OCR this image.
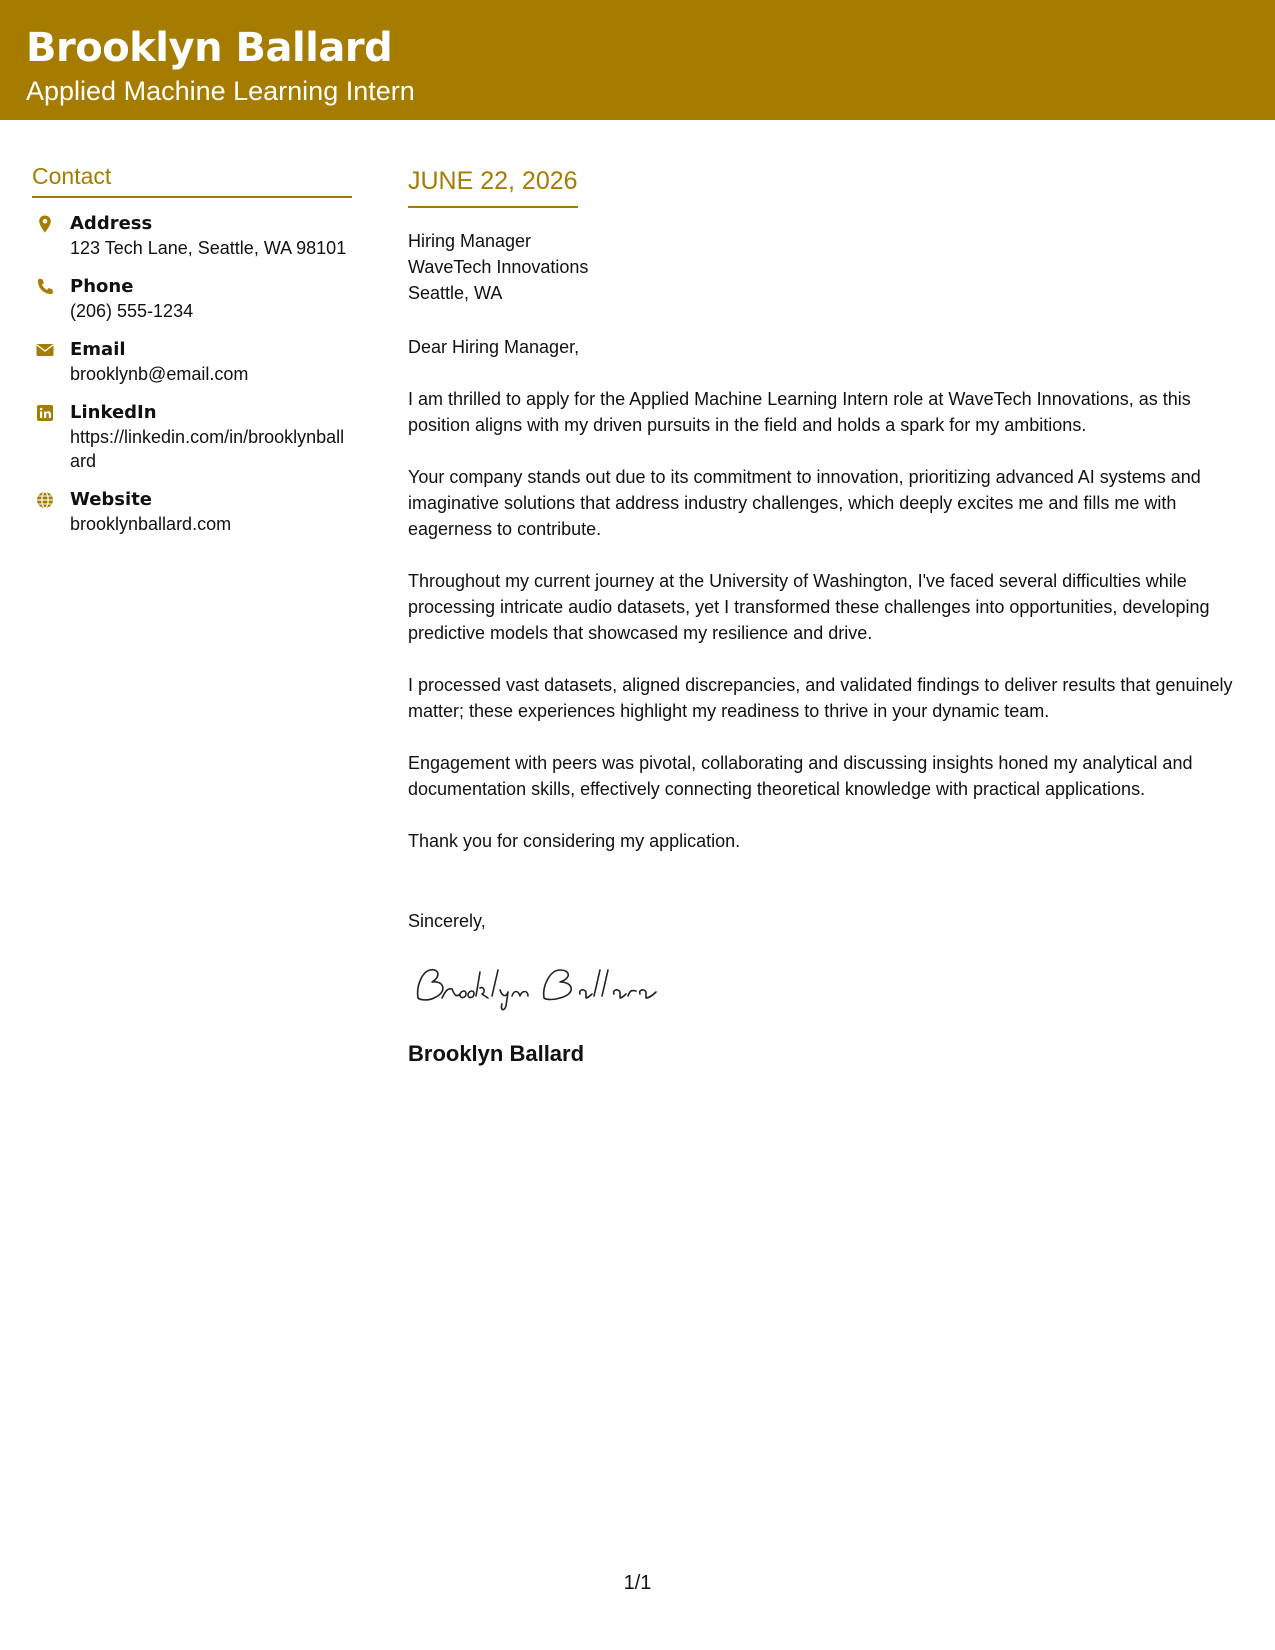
Brooklyn Ballard
Applied Machine Learning Intern
Contact
Address
123 Tech Lane, Seattle, WA 98101
Phone
(206) 555-1234
Email
brooklynb@email.com
LinkedIn
https://linkedin.com/in/brooklynballard
Website
brooklynballard.com
JUNE 22, 2026
Hiring Manager
WaveTech Innovations
Seattle, WA
Dear Hiring Manager,
I am thrilled to apply for the Applied Machine Learning Intern role at WaveTech Innovations, as this position aligns with my driven pursuits in the field and holds a spark for my ambitions.
Your company stands out due to its commitment to innovation, prioritizing advanced AI systems and imaginative solutions that address industry challenges, which deeply excites me and fills me with eagerness to contribute.
Throughout my current journey at the University of Washington, I've faced several difficulties while processing intricate audio datasets, yet I transformed these challenges into opportunities, developing predictive models that showcased my resilience and drive.
I processed vast datasets, aligned discrepancies, and validated findings to deliver results that genuinely matter; these experiences highlight my readiness to thrive in your dynamic team.
Engagement with peers was pivotal, collaborating and discussing insights honed my analytical and documentation skills, effectively connecting theoretical knowledge with practical applications.
Thank you for considering my application.
Sincerely,
Brooklyn Ballard
1/1
